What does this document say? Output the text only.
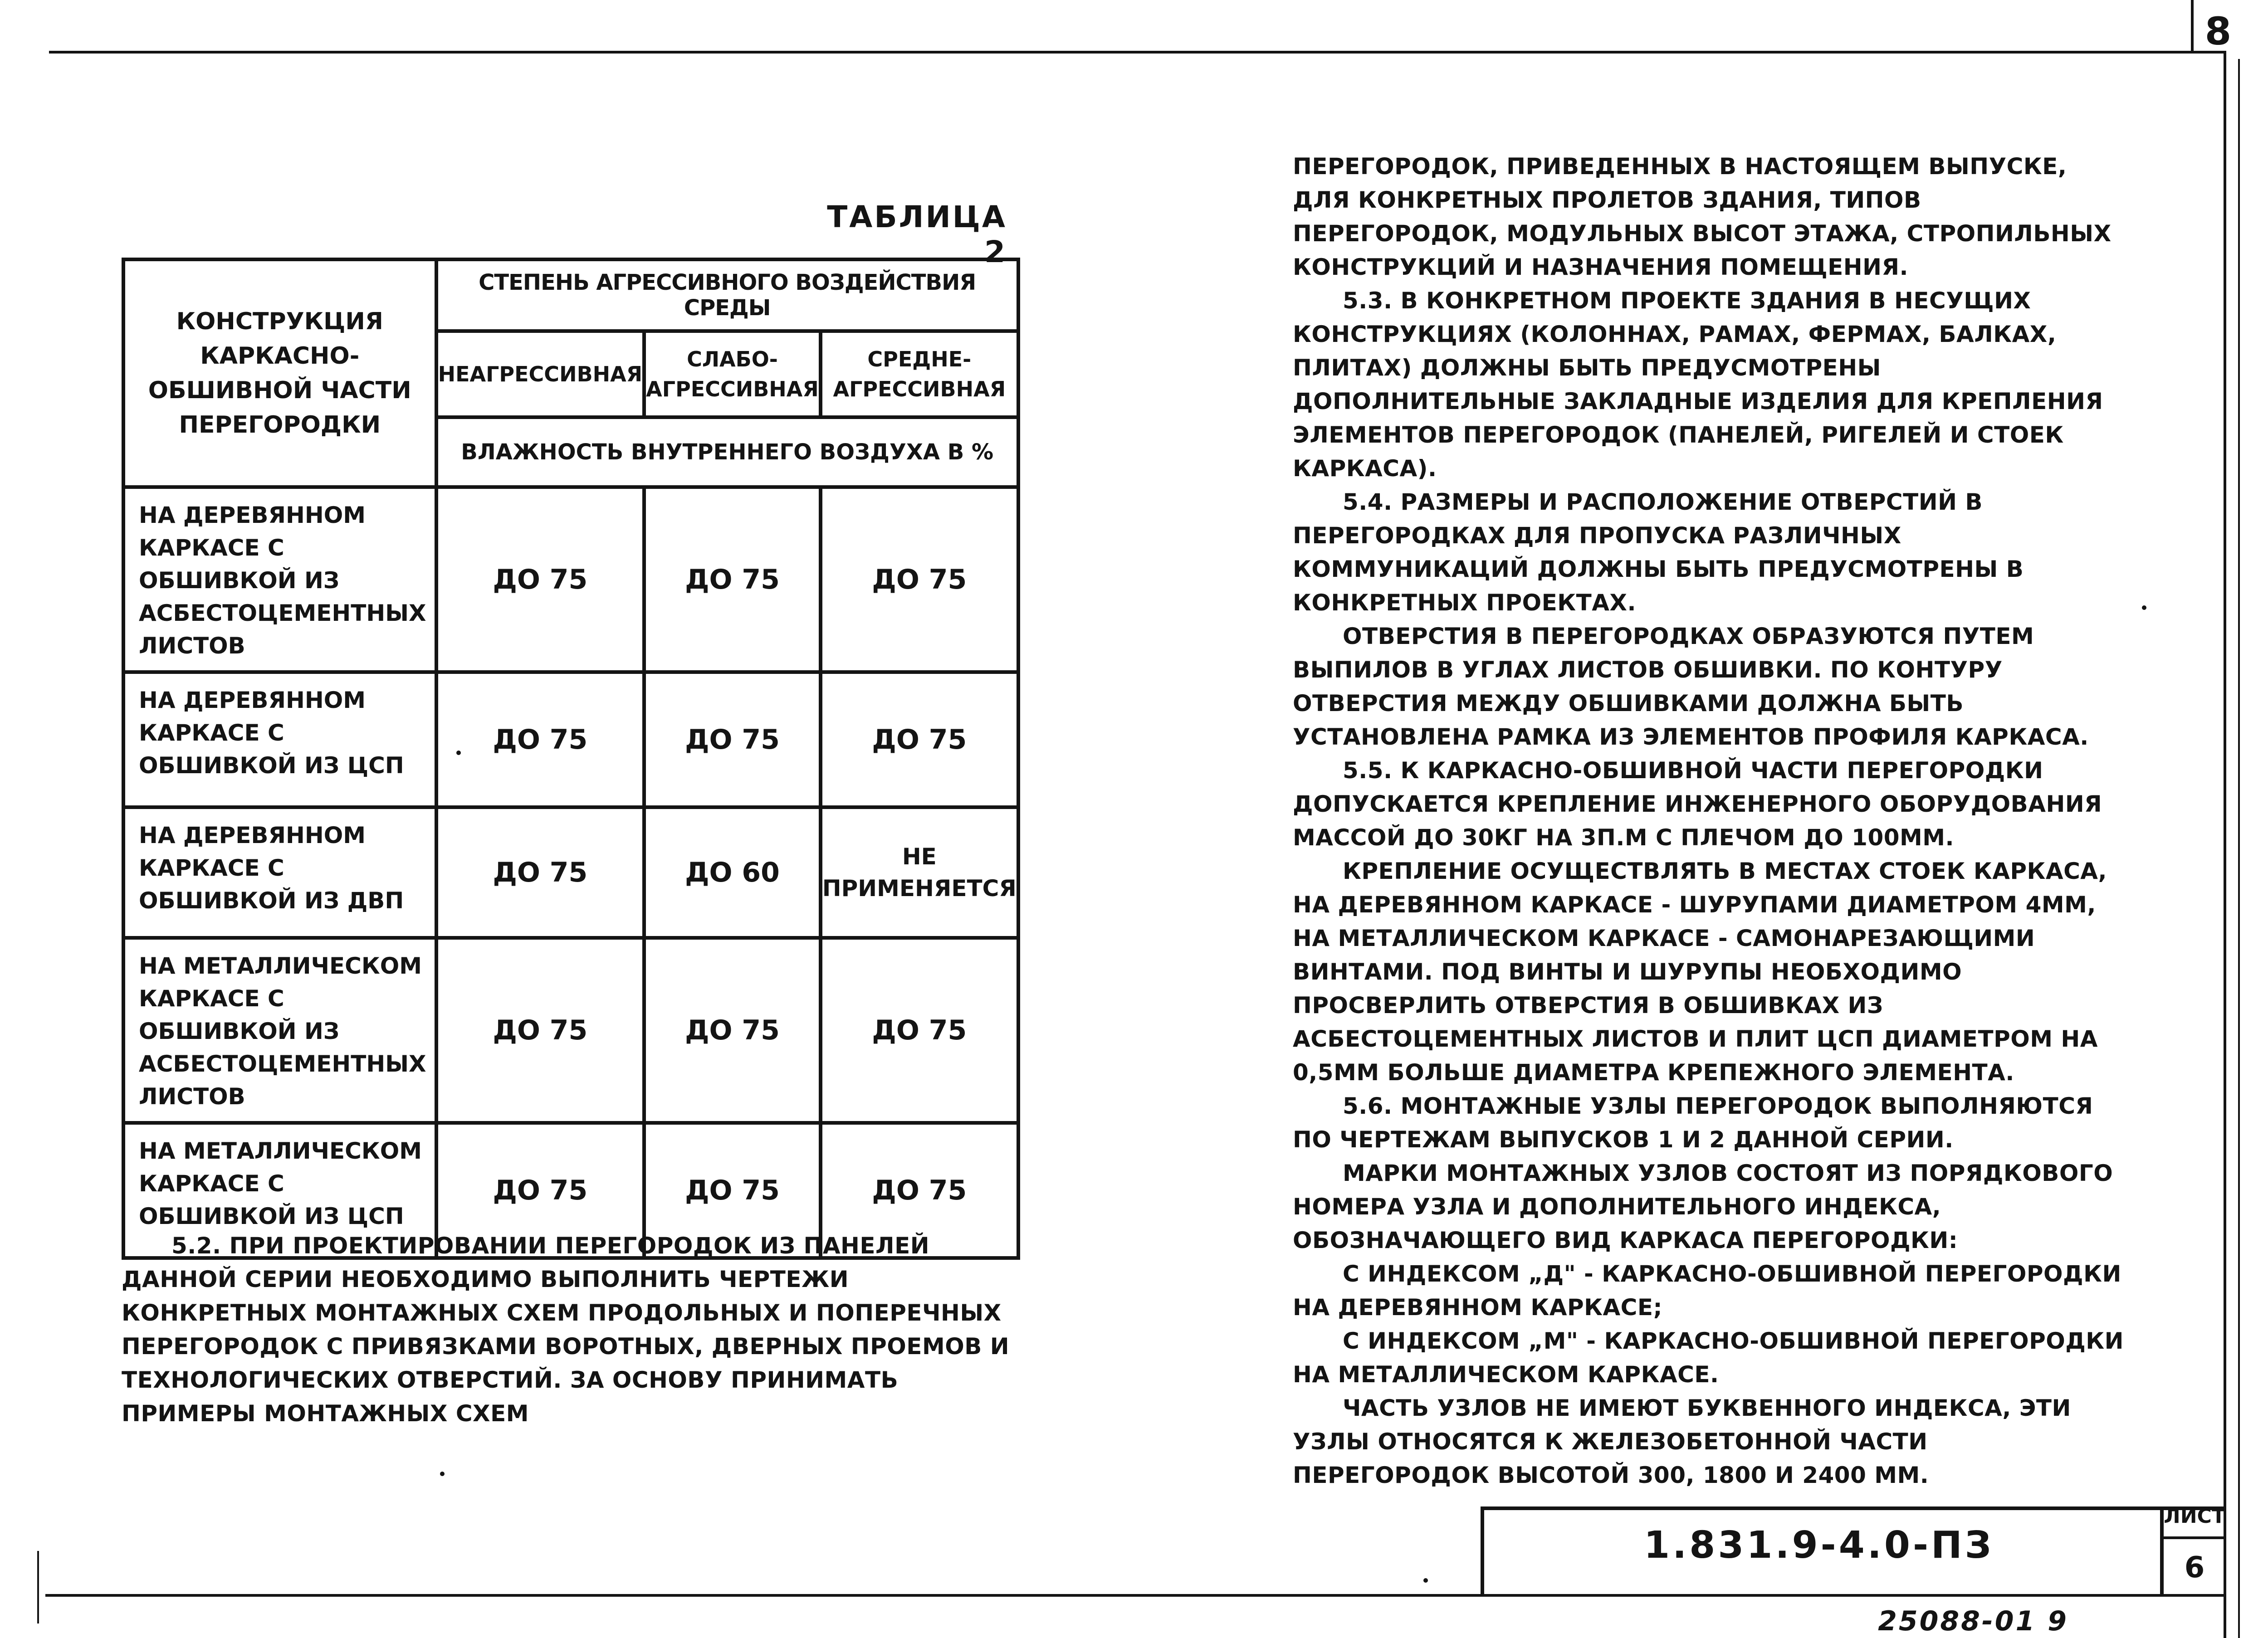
8
ТАБЛИЦА 2
КОНСТРУКЦИЯ КАРКАСНО-ОБШИВНОЙ ЧАСТИ ПЕРЕГОРОДКИ	СТЕПЕНЬ АГРЕССИВНОГО ВОЗДЕЙСТВИЯ СРЕДЫ		
	НЕАГРЕССИВНАЯ	СЛАБО-АГРЕССИВНАЯ	СРЕДНЕ-АГРЕССИВНАЯ
	ВЛАЖНОСТЬ ВНУТРЕННЕГО ВОЗДУХА В %		
НА ДЕРЕВЯННОМ КАРКАСЕ С ОБШИВКОЙ ИЗ АСБЕСТОЦЕМЕНТНЫХ ЛИСТОВ	ДО 75	ДО 75	ДО 75
НА ДЕРЕВЯННОМ КАРКАСЕ С ОБШИВКОЙ ИЗ ЦСП	ДО 75	ДО 75	ДО 75
НА ДЕРЕВЯННОМ КАРКАСЕ С ОБШИВКОЙ ИЗ ДВП	ДО 75	ДО 60	НЕ ПРИМЕНЯЕТСЯ
НА МЕТАЛЛИЧЕСКОМ КАРКАСЕ С ОБШИВКОЙ ИЗ АСБЕСТОЦЕМЕНТНЫХ ЛИСТОВ	ДО 75	ДО 75	ДО 75
НА МЕТАЛЛИЧЕСКОМ КАРКАСЕ С ОБШИВКОЙ ИЗ ЦСП	ДО 75	ДО 75	ДО 75

5.2. ПРИ ПРОЕКТИРОВАНИИ ПЕРЕГОРОДОК ИЗ ПАНЕЛЕЙ ДАННОЙ СЕРИИ НЕОБХОДИМО ВЫПОЛНИТЬ ЧЕРТЕЖИ КОНКРЕТНЫХ МОНТАЖНЫХ СХЕМ ПРОДОЛЬНЫХ И ПОПЕРЕЧНЫХ ПЕРЕГОРОДОК С ПРИВЯЗКАМИ ВОРОТНЫХ, ДВЕРНЫХ ПРОЕМОВ И ТЕХНОЛОГИЧЕСКИХ ОТВЕРСТИЙ. ЗА ОСНОВУ ПРИНИМАТЬ ПРИМЕРЫ МОНТАЖНЫХ СХЕМ

ПЕРЕГОРОДОК, ПРИВЕДЕННЫХ В НАСТОЯЩЕМ ВЫПУСКЕ, ДЛЯ КОНКРЕТНЫХ ПРОЛЕТОВ ЗДАНИЯ, ТИПОВ ПЕРЕГОРОДОК, МОДУЛЬНЫХ ВЫСОТ ЭТАЖА, СТРОПИЛЬНЫХ КОНСТРУКЦИЙ И НАЗНАЧЕНИЯ ПОМЕЩЕНИЯ.

5.3. В КОНКРЕТНОМ ПРОЕКТЕ ЗДАНИЯ В НЕСУЩИХ КОНСТРУКЦИЯХ (КОЛОННАХ, РАМАХ, ФЕРМАХ, БАЛКАХ, ПЛИТАХ) ДОЛЖНЫ БЫТЬ ПРЕДУСМОТРЕНЫ ДОПОЛНИТЕЛЬНЫЕ ЗАКЛАДНЫЕ ИЗДЕЛИЯ ДЛЯ КРЕПЛЕНИЯ ЭЛЕМЕНТОВ ПЕРЕГОРОДОК (ПАНЕЛЕЙ, РИГЕЛЕЙ И СТОЕК КАРКАСА).

5.4. РАЗМЕРЫ И РАСПОЛОЖЕНИЕ ОТВЕРСТИЙ В ПЕРЕГОРОДКАХ ДЛЯ ПРОПУСКА РАЗЛИЧНЫХ КОММУНИКАЦИЙ ДОЛЖНЫ БЫТЬ ПРЕДУСМОТРЕНЫ В КОНКРЕТНЫХ ПРОЕКТАХ.

ОТВЕРСТИЯ В ПЕРЕГОРОДКАХ ОБРАЗУЮТСЯ ПУТЕМ ВЫПИЛОВ В УГЛАХ ЛИСТОВ ОБШИВКИ. ПО КОНТУРУ ОТВЕРСТИЯ МЕЖДУ ОБШИВКАМИ ДОЛЖНА БЫТЬ УСТАНОВЛЕНА РАМКА ИЗ ЭЛЕМЕНТОВ ПРОФИЛЯ КАРКАСА.

5.5. К КАРКАСНО-ОБШИВНОЙ ЧАСТИ ПЕРЕГОРОДКИ ДОПУСКАЕТСЯ КРЕПЛЕНИЕ ИНЖЕНЕРНОГО ОБОРУДОВАНИЯ МАССОЙ ДО 30КГ НА 3П.М С ПЛЕЧОМ ДО 100ММ.

КРЕПЛЕНИЕ ОСУЩЕСТВЛЯТЬ В МЕСТАХ СТОЕК КАРКАСА, НА ДЕРЕВЯННОМ КАРКАСЕ - ШУРУПАМИ ДИАМЕТРОМ 4ММ, НА МЕТАЛЛИЧЕСКОМ КАРКАСЕ - САМОНАРЕЗАЮЩИМИ ВИНТАМИ. ПОД ВИНТЫ И ШУРУПЫ НЕОБХОДИМО ПРОСВЕРЛИТЬ ОТВЕРСТИЯ В ОБШИВКАХ ИЗ АСБЕСТОЦЕМЕНТНЫХ ЛИСТОВ И ПЛИТ ЦСП ДИАМЕТРОМ НА 0,5ММ БОЛЬШЕ ДИАМЕТРА КРЕПЕЖНОГО ЭЛЕМЕНТА.

5.6. МОНТАЖНЫЕ УЗЛЫ ПЕРЕГОРОДОК ВЫПОЛНЯЮТСЯ ПО ЧЕРТЕЖАМ ВЫПУСКОВ 1 И 2 ДАННОЙ СЕРИИ.

МАРКИ МОНТАЖНЫХ УЗЛОВ СОСТОЯТ ИЗ ПОРЯДКОВОГО НОМЕРА УЗЛА И ДОПОЛНИТЕЛЬНОГО ИНДЕКСА, ОБОЗНАЧАЮЩЕГО ВИД КАРКАСА ПЕРЕГОРОДКИ:

С ИНДЕКСОМ „Д" - КАРКАСНО-ОБШИВНОЙ ПЕРЕГОРОДКИ НА ДЕРЕВЯННОМ КАРКАСЕ;

С ИНДЕКСОМ „М" - КАРКАСНО-ОБШИВНОЙ ПЕРЕГОРОДКИ НА МЕТАЛЛИЧЕСКОМ КАРКАСЕ.

ЧАСТЬ УЗЛОВ НЕ ИМЕЮТ БУКВЕННОГО ИНДЕКСА, ЭТИ УЗЛЫ ОТНОСЯТСЯ К ЖЕЛЕЗОБЕТОННОЙ ЧАСТИ ПЕРЕГОРОДОК ВЫСОТОЙ 300, 1800 И 2400 ММ.

1.831.9-4.0-ПЗ
ЛИСТ
6
25088-01 9
